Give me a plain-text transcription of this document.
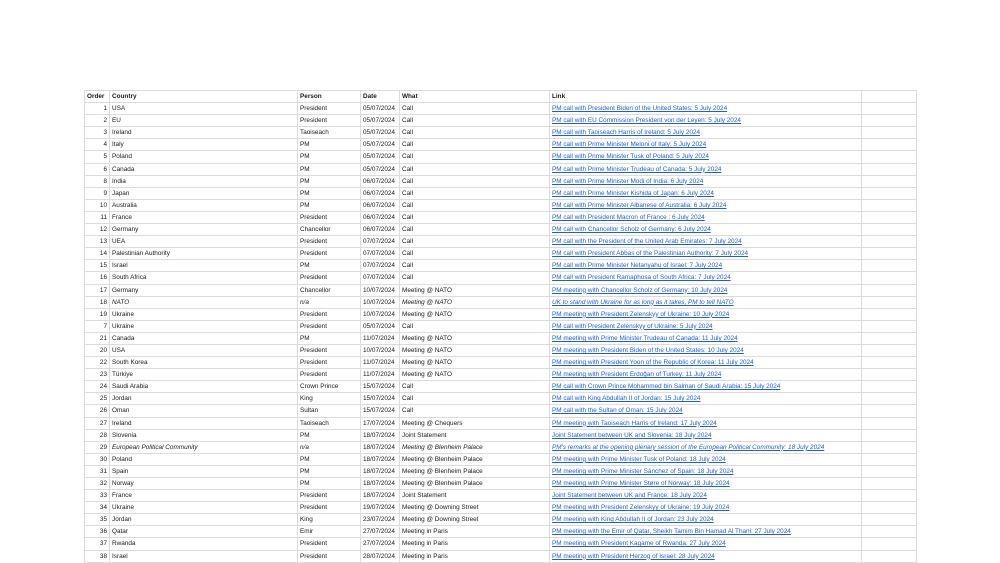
Order	Country	Person	Date	What	Link	
1	USA	President	05/07/2024	Call	PM call with President Biden of the United States: 5 July 2024	
2	EU	President	05/07/2024	Call	PM call with EU Commission President von der Leyen: 5 July 2024	
3	Ireland	Taoiseach	05/07/2024	Call	PM call with Taoiseach Harris of Ireland: 5 July 2024	
4	Italy	PM	05/07/2024	Call	PM call with Prime Minister Meloni of Italy: 5 July 2024	
5	Poland	PM	05/07/2024	Call	PM call with Prime Minister Tusk of Poland: 5 July 2024	
6	Canada	PM	05/07/2024	Call	PM call with Prime Minister Trudeau of Canada: 5 July 2024	
8	India	PM	06/07/2024	Call	PM call with Prime Minister Modi of India: 6 July 2024	
9	Japan	PM	06/07/2024	Call	PM call with Prime Minister Kishida of Japan: 6 July 2024	
10	Australia	PM	06/07/2024	Call	PM call with Prime Minister Albanese of Australia: 6 July 2024	
11	France	President	06/07/2024	Call	PM call with President Macron of France : 6 July 2024	
12	Germany	Chancellor	06/07/2024	Call	PM call with Chancellor Scholz of Germany: 6 July 2024	
13	UEA	President	07/07/2024	Call	PM call with the President of the United Arab Emirates: 7 July 2024	
14	Palestinian Authority	President	07/07/2024	Call	PM call with President Abbas of the Palestinian Authority: 7 July 2024	
15	Israel	PM	07/07/2024	Call	PM call with Prime Minister Netanyahu of Israel: 7 July 2024	
16	South Africa	President	07/07/2024	Call	PM call with President Ramaphosa of South Africa: 7 July 2024	
17	Germany	Chancellor	10/07/2024	Meeting @ NATO	PM meeting with Chancellor Scholz of Germany: 10 July 2024	
18	NATO	n/a	10/07/2024	Meeting @ NATO	UK to stand with Ukraine for as long as it takes, PM to tell NATO	
19	Ukraine	President	10/07/2024	Meeting @ NATO	PM meeting with President Zelenskyy of Ukraine: 10 July 2024	
7	Ukraine	President	05/07/2024	Call	PM call with President Zelenskyy of Ukraine: 5 July 2024	
21	Canada	PM	11/07/2024	Meeting @ NATO	PM meeting with Prime Minister Trudeau of Canada: 11 July 2024	
20	USA	President	10/07/2024	Meeting @ NATO	PM meeting with President Biden of the United States: 10 July 2024	
22	South Korea	President	11/07/2024	Meeting @ NATO	PM meeting with President Yoon of the Republic of Korea: 11 July 2024	
23	Türkiye	President	11/07/2024	Meeting @ NATO	PM meeting with President Erdoğan of Turkey: 11 July 2024	
24	Saudi Arabia	Crown Prince	15/07/2024	Call	PM call with Crown Prince Mohammed bin Salman of Saudi Arabia: 15 July 2024	
25	Jordan	King	15/07/2024	Call	PM call with King Abdullah II of Jordan: 15 July 2024	
26	Oman	Sultan	15/07/2024	Call	PM call with the Sultan of Oman: 15 July 2024	
27	Ireland	Taoiseach	17/07/2024	Meeting @ Chequers	PM meeting with Taoiseach Harris of Ireland: 17 July 2024	
28	Slovenia	PM	18/07/2024	Joint Statement	Joint Statement between UK and Slovenia: 18 July 2024	
29	European Political Community	n/a	18/07/2024	Meeting @ Blenheim Palace	PM's remarks at the opening plenary session of the European Political Community: 18 July 2024	
30	Poland	PM	18/07/2024	Meeting @ Blenheim Palace	PM meeting with Prime Minister Tusk of Poland: 18 July 2024	
31	Spain	PM	18/07/2024	Meeting @ Blenheim Palace	PM meeting with Prime Minister Sánchez of Spain: 18 July 2024	
32	Norway	PM	18/07/2024	Meeting @ Blenheim Palace	PM meeting with Prime Minister Støre of Norway: 18 July 2024	
33	France	President	18/07/2024	Joint Statement	Joint Statement between UK and France: 18 July 2024	
34	Ukraine	President	19/07/2024	Meeting @ Downing Street	PM meeting with President Zelenskyy of Ukraine: 19 July 2024	
35	Jordan	King	23/07/2024	Meeting @ Downing Street	PM meeting with King Abdullah II of Jordan: 23 July 2024	
36	Qatar	Emir	27/07/2024	Meeting in Paris	PM meeting with the Emir of Qatar, Sheikh Tamim Bin Hamad Al Thani: 27 July 2024	
37	Rwanda	President	27/07/2024	Meeting in Paris	PM meeting with President Kagame of Rwanda: 27 July 2024	
38	Israel	President	28/07/2024	Meeting in Paris	PM meeting with President Herzog of Israel: 28 July 2024	
